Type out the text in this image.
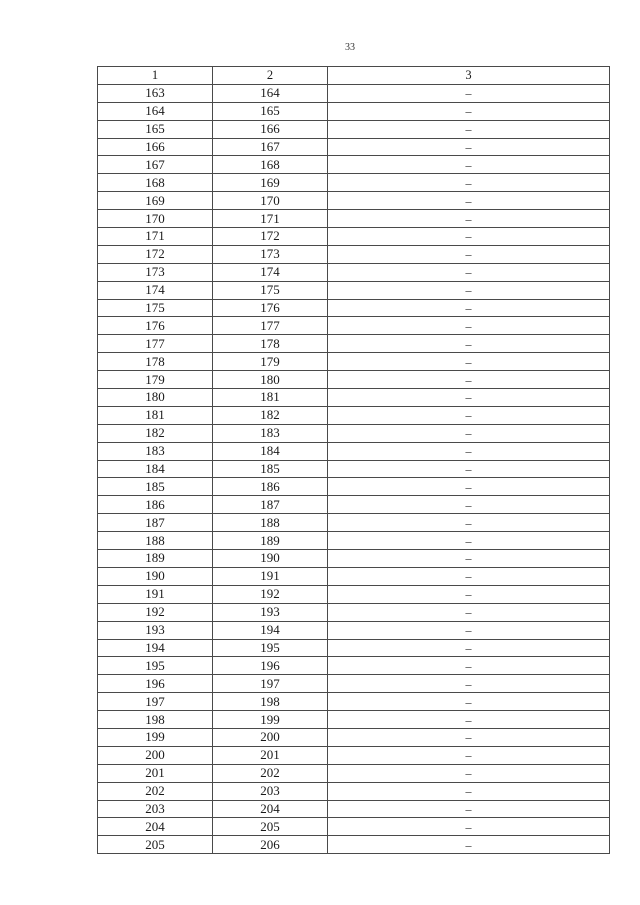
33
1	2	3
163	164	–
164	165	–
165	166	–
166	167	–
167	168	–
168	169	–
169	170	–
170	171	–
171	172	–
172	173	–
173	174	–
174	175	–
175	176	–
176	177	–
177	178	–
178	179	–
179	180	–
180	181	–
181	182	–
182	183	–
183	184	–
184	185	–
185	186	–
186	187	–
187	188	–
188	189	–
189	190	–
190	191	–
191	192	–
192	193	–
193	194	–
194	195	–
195	196	–
196	197	–
197	198	–
198	199	–
199	200	–
200	201	–
201	202	–
202	203	–
203	204	–
204	205	–
205	206	–
